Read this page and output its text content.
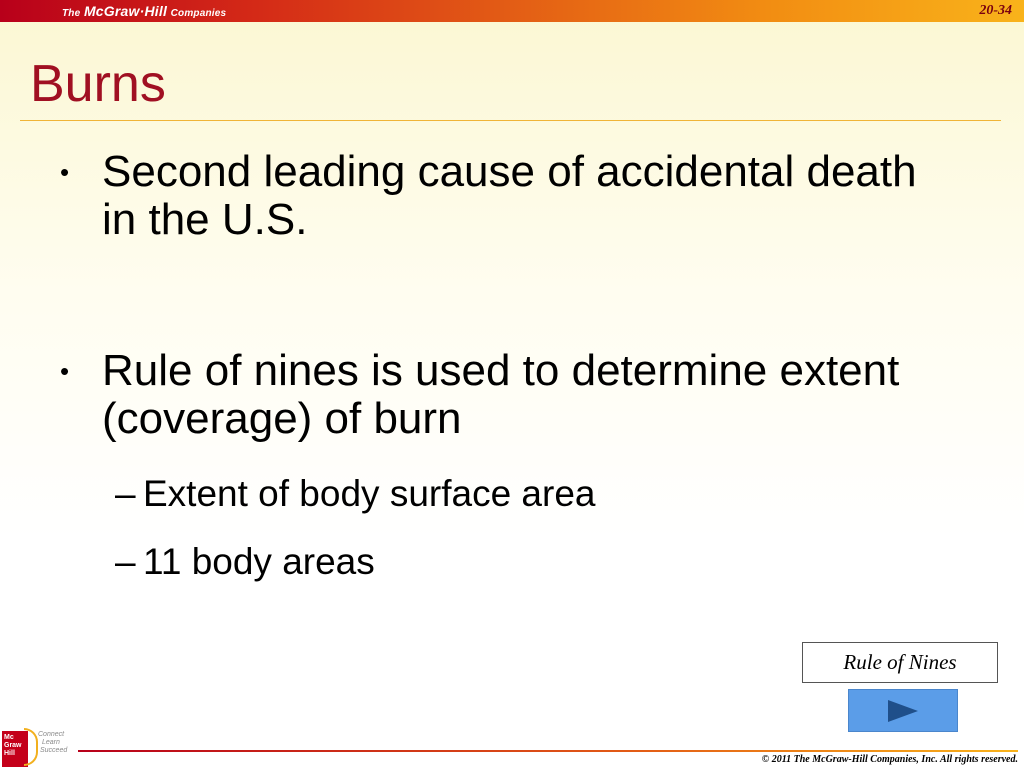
The McGraw·Hill Companies	20-34
Burns
• Second leading cause of accidental death in the U.S.
• Rule of nines is used to determine extent (coverage) of burn
– Extent of body surface area
– 11 body areas
Rule of Nines
Mc
Graw
Hill
Connect
Learn
Succeed
© 2011 The McGraw-Hill Companies, Inc. All rights reserved.
